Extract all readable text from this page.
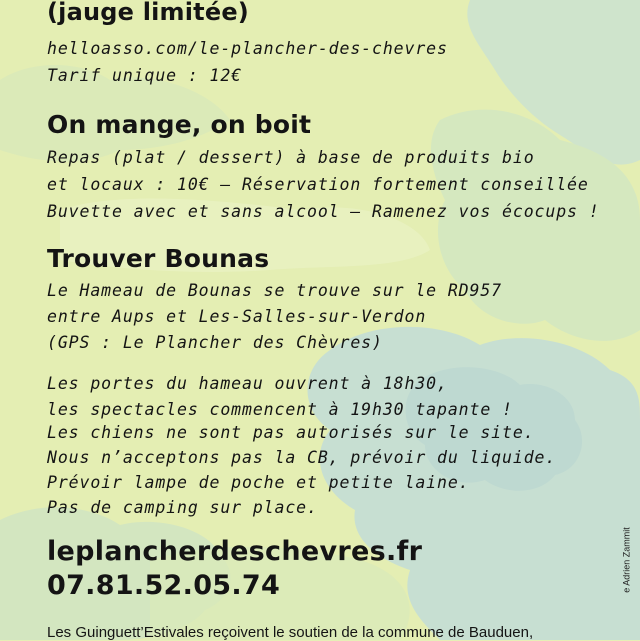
(jauge limitée)

helloasso.com/le-plancher-des-chevres

Tarif unique : 12€

On mange, on boit

Repas (plat / dessert) à base de produits bio

et locaux : 10€ — Réservation fortement conseillée

Buvette avec et sans alcool – Ramenez vos écocups !

Trouver Bounas

Le Hameau de Bounas se trouve sur le RD957

entre Aups et Les-Salles-sur-Verdon

(GPS : Le Plancher des Chèvres)

Les portes du hameau ouvrent à 18h30,

les spectacles commencent à 19h30 tapante !

Les chiens ne sont pas autorisés sur le site.

Nous n’acceptons pas la CB, prévoir du liquide.

Prévoir lampe de poche et petite laine.

Pas de camping sur place.

leplancherdeschevres.fr

07.81.52.05.74

Les Guinguett’Estivales reçoivent le soutien de la commune de Bauduen,

e Adrien Zammit
